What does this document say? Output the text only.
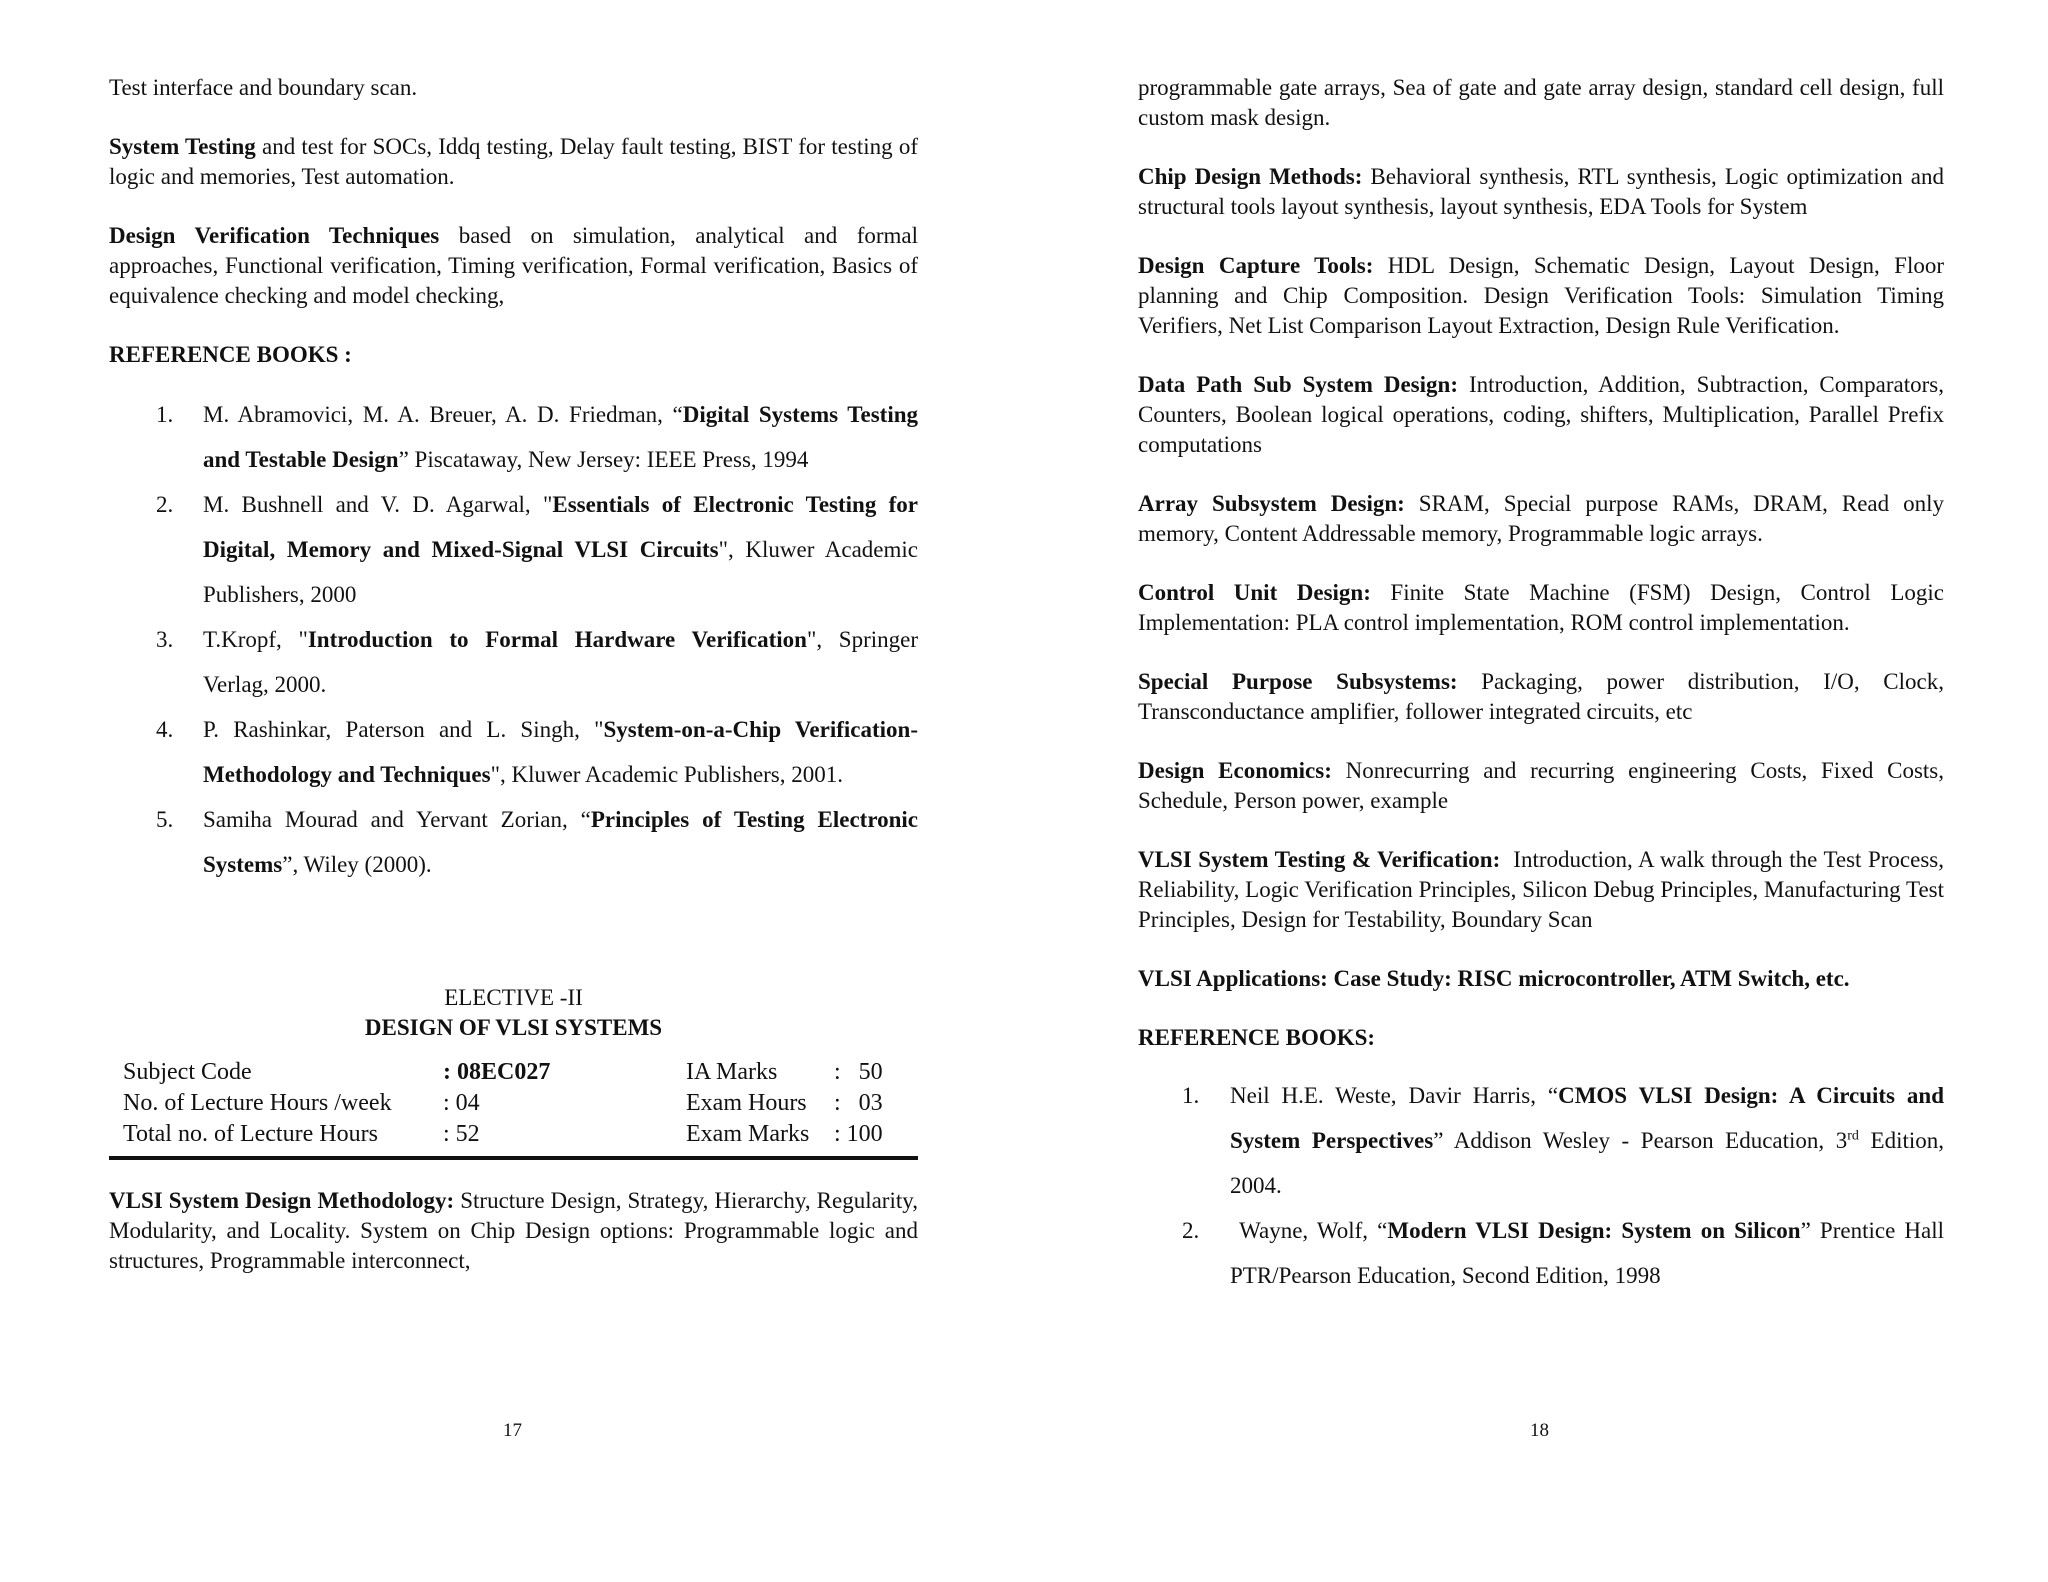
Test interface and boundary scan.

System Testing and test for SOCs, Iddq testing, Delay fault testing, BIST for testing of logic and memories, Test automation.

Design Verification Techniques based on simulation, analytical and formal approaches, Functional verification, Timing verification, Formal verification, Basics of equivalence checking and model checking,

REFERENCE BOOKS :

1. M. Abramovici, M. A. Breuer, A. D. Friedman, “Digital Systems Testing and Testable Design” Piscataway, New Jersey: IEEE Press, 1994
2. M. Bushnell and V. D. Agarwal, "Essentials of Electronic Testing for Digital, Memory and Mixed-Signal VLSI Circuits", Kluwer Academic Publishers, 2000
3. T.Kropf, "Introduction to Formal Hardware Verification", Springer Verlag, 2000.
4. P. Rashinkar, Paterson and L. Singh, "System-on-a-Chip Verification-Methodology and Techniques", Kluwer Academic Publishers, 2001.
5. Samiha Mourad and Yervant Zorian, “Principles of Testing Electronic Systems”, Wiley (2000).

ELECTIVE -II

DESIGN OF VLSI SYSTEMS

Subject Code	: 08EC027	IA Marks	:   50
No. of Lecture Hours /week	: 04	Exam Hours	:   03
Total no. of Lecture Hours	: 52	Exam Marks	: 100

VLSI System Design Methodology: Structure Design, Strategy, Hierarchy, Regularity, Modularity, and Locality. System on Chip Design options: Programmable logic and structures, Programmable interconnect,

17

programmable gate arrays, Sea of gate and gate array design, standard cell design, full custom mask design.

Chip Design Methods: Behavioral synthesis, RTL synthesis, Logic optimization and structural tools layout synthesis, layout synthesis, EDA Tools for System

Design Capture Tools: HDL Design, Schematic Design, Layout Design, Floor planning and Chip Composition. Design Verification Tools: Simulation Timing Verifiers, Net List Comparison Layout Extraction, Design Rule Verification.

Data Path Sub System Design: Introduction, Addition, Subtraction, Comparators, Counters, Boolean logical operations, coding, shifters, Multiplication, Parallel Prefix computations

Array Subsystem Design: SRAM, Special purpose RAMs, DRAM, Read only memory, Content Addressable memory, Programmable logic arrays.

Control Unit Design: Finite State Machine (FSM) Design, Control Logic Implementation: PLA control implementation, ROM control implementation.

Special Purpose Subsystems: Packaging, power distribution, I/O, Clock, Transconductance amplifier, follower integrated circuits, etc

Design Economics: Nonrecurring and recurring engineering Costs, Fixed Costs, Schedule, Person power, example

VLSI System Testing & Verification:  Introduction, A walk through the Test Process, Reliability, Logic Verification Principles, Silicon Debug Principles, Manufacturing Test Principles, Design for Testability, Boundary Scan

VLSI Applications: Case Study: RISC microcontroller, ATM Switch, etc.

REFERENCE BOOKS:

1. Neil H.E. Weste, Davir Harris, “CMOS VLSI Design: A Circuits and System Perspectives” Addison Wesley - Pearson Education, 3rd Edition, 2004.
2. Wayne, Wolf, “Modern VLSI Design: System on Silicon” Prentice Hall PTR/Pearson Education, Second Edition, 1998
18
